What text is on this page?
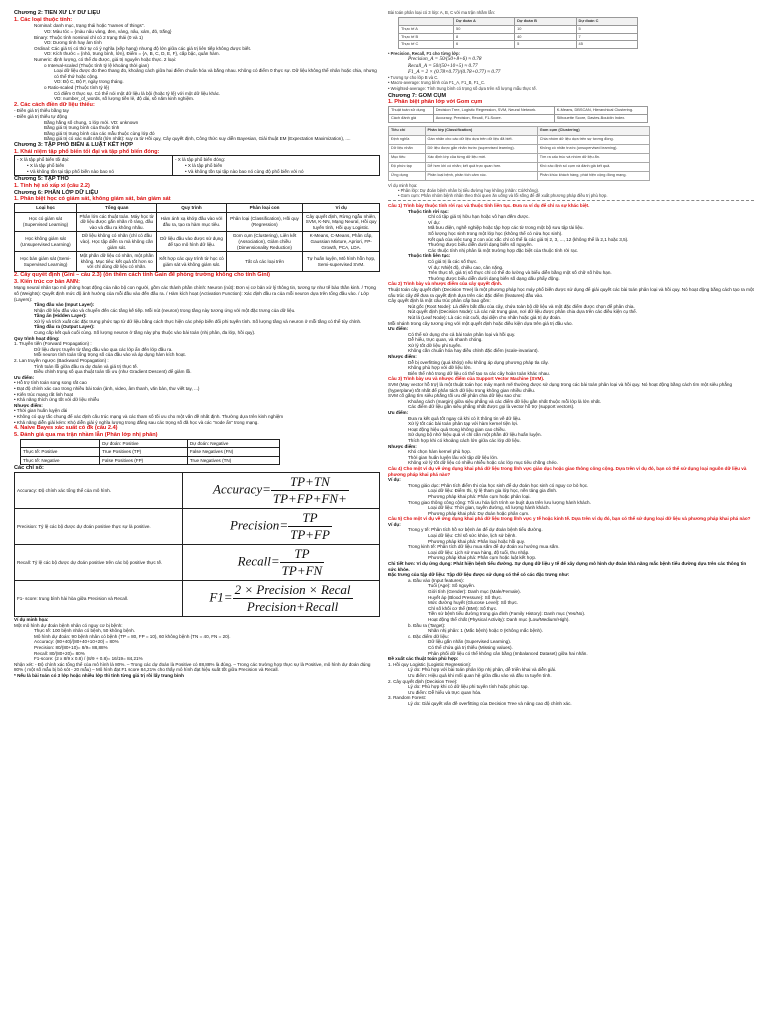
Chương 2: TIỀN XỬ LÝ DỮ LIỆU
1. Các loại thuộc tính:
Nominal: danh mục, trạng thái hoặc "names of things".
VD: Màu tóc = {màu nâu vàng, đen, vàng, nâu, xám, đỏ, trắng}
Binary: Thuộc tính nominal chỉ có 2 trạng thái (0 và 1)
VD: Dương tính hay âm tính
Ordinal: Các giá trị có thứ tự có ý nghĩa (xếp hạng) nhưng độ lớn giữa các giá trị liên tiếp không được biết.
VD: Kích thước = {nhỏ, trung bình, lớn}, Điểm = {A, B, C, D, E, F}, cấp bậc, quân hàm.
Numeric: định lượng, có thể đo được, giá trị nguyên hoặc thực. 2 loại:
o Interval-scaled (Thuộc tính tỷ lệ khoảng thời gian)
Loại dữ liệu được đo theo thang đo, khoảng cách giữa hai điểm chuẩn hóa và bằng nhau. Không có điểm 0 thực sự. Dữ liệu không thể nhân hoặc chia, nhưng có thể thứ hoặc cộng.
VD: Độ C, Độ F, ngày trong tháng.
o Ratio-scaled (Thuộc tính tỷ lệ)
Có điểm 0 thực sự. Có thể nói một dữ liệu là bội (hoặc tỷ lệ) với một dữ liệu khác.
VD: number_of_words, số lượng tiền lẻ, độ dài, số năm kinh nghiệm.
2. Các cách điền dữ liệu thiếu:
- Điền giá trị thiếu bằng tay
- Điền giá trị thiếu tự động
Bằng hằng số chung, 1 lớp mới. VD: unknown
Bằng giá trị trung bình của thuộc tính
Bằng giá trị trung bình của các mẫu thuộc cùng lớp đó
Bằng giá trị có xác suất nhất (lớn nhất): suy ra từ Hồi quy, Cây quyết định, Công thức suy diễn Bayesian, Giải thuật EM (Expectation Maximization), ....
Chương 3: TẬP PHỔ BIẾN & LUẬT KẾT HỢP
1. Khái niệm tập phổ biến tối đại và tập phổ biến đóng:
- X là tập phổ biến tối đại:
• X là tập phổ biến
• Và không tồn tại tập phổ biến nào bao nó

- X là tập phổ biến đóng:
• X là tập phổ biến
• Và không tồn tại tập nào bao nó cùng độ phổ biến với nó
Chương 5: TẬP THÔ
1. Tính hệ số xấp xỉ (câu 2.2)
Chương 6: PHÂN LỚP DỮ LIỆU
1. Phân biệt học có giám sát, không giám sát, bán giám sát
Loại học	Tổng quan	Quy trình	Phân loại con	Ví dụ
Học có giám sát (Supervised Learning)	Phân lớn các thuật toán. Máy học từ dữ liệu được gắn nhãn rõ ràng, đầu vào và đầu ra không nhãu.	Hàm ánh xạ khớp đầu vào với đầu ra, tạo ra hàm mục tiêu.	Phân loại (Classification), Hồi quy (Regression)	Cây quyết định, Rừng ngẫu nhiên, SVM, K-NN, Mạng Neural, Hồi quy tuyến tính, Hồi quy Logistic.
Học không giám sát (Unsupervised Learning)	Dữ liệu không có nhãn (chỉ có đầu vào). Học tập diễn ra mà không cần giám sát.	Dữ liệu đầu vào được sử dụng để tạo mô hình dữ liệu.	Gom cụm (Clustering), Liên kết (Association), Giảm chiều (Dimensionality Reduction)	K-Means, C-Means, Phân cấp, Gaussian Mixture, Apriori, FP-Growth, PCA, LDA.
Học bán giám sát (Semi-Supervised Learning)	Một phần dữ liệu có nhãn, một phần không. Mục tiêu: kết quả tốt hơn so với chỉ dùng dữ liệu có nhãn.	Kết hợp các quy trình từ học có giám sát và không giám sát.	Tất cả các loại trên	Tự huấn luyện, Mô hình hỗn hợp, Semi-supervised SVM.
2. Cây quyết định (Gini – câu 2.3) (ôn thêm cách tính Gain để phòng trường không cho tính Gini)
3. Kiến trúc cơ bản ANN:
Mạng neural nhân tạo mô phỏng hoạt động của não bộ con người, gồm các thành phần chính: Neuron (nút): Đơn vị cơ bản xử lý thông tin, tương tự như tế bào thần kinh. / Trọng số (Weights): Quyết định mức độ ảnh hưởng của mỗi đầu vào đến đầu ra. / Hàm kích hoạt (Activation Function): Xác định đầu ra của mỗi neuron dựa trên tổng đầu vào. / Lớp (Layers):
Tầng đầu vào (Input Layer):
Nhận dữ liệu đầu vào và chuyển đến các tầng kế tiếp. Mỗi nút (neuron) trong tầng này tương ứng với một đặc trưng của dữ liệu.
Tầng ẩn (Hidden Layer):
Xử lý và trích xuất các đặc trưng phức tạp từ dữ liệu bằng cách thực hiện các phép biến đổi phi tuyến tính. Số lượng tầng và neuron ở mỗi tầng có thể tùy chỉnh.
Tầng đầu ra (Output Layer):
Cung cấp kết quả cuối cùng. Số lượng neuron ở tầng này phụ thuộc vào bài toán (nhị phân, đa lớp, hồi quy).
Quy trình hoạt động:
1. Truyền tiến (Forward Propagation) :
Dữ liệu được truyền từ tầng đầu vào qua các lớp ẩn đến lớp đầu ra.
Mỗi neuron tính toán tổng trọng số của đầu vào và áp dụng hàm kích hoạt.
2. Lan truyền ngược (Backward Propagation) :
Tính toán lỗi giữa đầu ra dự đoán và giá trị thực tế.
Điều chỉnh trọng số qua thuật toán tối ưu (như Gradient Descent) để giảm lỗi.
Ưu điểm:
• Hỗ trợ tính toán song song rất cao
• Đạt độ chính xác cao trong nhiều bài toán (ảnh, video, âm thanh, văn bản, thư viết tay, ...)
• Kiến trúc mạng rất linh hoạt
• Khả năng thích ứng tốt với dữ liệu nhiễu
Nhược điểm:
• Thời gian huấn luyện dài
• Không có quy tắc chung để xác định cấu trúc mạng và các tham số tối ưu cho một vấn đề nhất định. Thường dựa trên kinh nghiệm
• Khả năng diễn giải kém: Khó diễn giải ý nghĩa lượng trong đằng sau các trọng số đã học và các "node ẩn" trong mạng.
4. Naive Bayes xác suất có đk (câu 2.4)
5. Đánh giá qua ma trận nhầm lẫn (Phân lớp nhị phân)
	Dự đoán: Positive	Dự đoán: Negative
Thực tế: Positive	True Positives (TP)	False Negatives (FN)
Thực tế: Negative	False Positives (FP)	True Negatives (TN)
Các chỉ số:
Accuracy: Độ chính xác tổng thể của mô hình.	Accuracy= $\frac{TP+TN}{TP+FP+FN+}$

Precision: Tỷ lệ các bộ được dự đoán positive thực sự là positive.	Precision= $\frac{TP}{TP+FP}$

Recall: Tỷ lệ các bộ được dự đoán positive trên các bộ positive thực tế.	Recall= $\frac{TP}{TP+FN}$

F1- score: trung bình hài hòa giữa Precision và Recall.	F1= 2 × Precision × Recal
Precision+Recall
Ví dụ minh họa:
Một mô hình dự đoán bệnh nhân có nguy cơ bị bệnh:
Thực tế: 100 bệnh nhân có bệnh, 50 không bệnh.
Mô hình dự đoán: 90 bệnh nhân có bệnh (TP = 80, FP = 10), 60 không bệnh (TN = 40, FN = 20).
Accuracy: (80+40)/(80+40+10+20) = 80%
Precision: 80/(80+10)= 8/9= 88,88%
Recall: 80/(80+20)= 80%
F1-score: (2 x 8/9 x 0.8) / (8/9 + 0.8)= 16/19= 84,21%
Nhận xét: - Độ chính xác tổng thể của mô hình là 80%. – Trong các dự đoán là Positive có 88,88% là đúng. – Trong các trường hợp thực sự là Positive, mô hình dự đoán đúng 80% ( một số mẫu bị bỏ sót - 20 mẫu) – Mô hình đạt F1 score 84,21% cho thấy mô hình đạt hiệu suất tốt giữa Precision và Recall.
* Nếu là bài toán có 3 lớp hoặc nhiều lớp thì tính từng giá trị rồi lấy trung bình
Bài toán phân loại có 3 lớp: A, B, C với ma trận nhầm lẫn:
	Dự đoán A	Dự đoán B	Dự đoán C
Thực tế A	50	10	5
Thực tế B	8	40	7
Thực tế C	6	5	45
• Precision, Recall, F1 cho từng lớp:
Precision_A = 50/(50+8+6) ≈ 0.78
Recall_A = 50/(50+10+5) ≈ 0.77
F1_A = 2 × (0.78×0.77)/(0.78+0.77) ≈ 0.77
• Tương tự cho lớp B và C.
• Macro-average: trung bình của F1_A, F1_B, F1_C.
• Weighted-average: Tính trung bình có trọng số dựa trên số lượng mẫu thực tế.
Chương 7: GOM CỤM
1. Phân biệt phân lớp với Gom cụm
Thuật toán sử dụng	Decision Tree, Logistic Regression, SVM, Neural Network.	K-Means, DBSCAN, Hierarchical Clustering.
Cách đánh giá	Accuracy, Precision, Recall, F1-Score.	Silhouette Score, Davies-Bouldin Index.
Tiêu chí	Phân lớp (Classification)	Gom cụm (Clustering)
Định nghĩa	Gán nhãn cho các dữ liệu dựa trên dữ liệu đã biết.	Chia nhóm dữ liệu dựa trên sự tương đồng.
Dữ liệu nhãn	Dữ liệu được gắn nhãn trước (supervised learning).	Không có nhãn trước (unsupervised learning).
Mục tiêu	Xác định lớp của từng dữ liệu mới.	Tìm ra cấu trúc và nhóm dữ liệu ẩn.
Độ phức tạp	Dễ hơn khi có nhãn; kết quả trực quan hơn.	Khó xác định số cụm và đánh giá kết quả.
Ứng dụng	Phân loại bệnh, phân tích cảm xúc.	Phân khúc khách hàng, phát hiện cộng đồng mạng.
Ví dụ minh họa:
• Phân lớp: Dự đoán bệnh nhân bị tiểu đường hay không (nhãn: Có/Không).
• Gom cụm: Phân nhóm bệnh nhân theo thói quen ăn uống và lối sống để đề xuất phương pháp điều trị phù hợp.
Câu 1) Trình bày thuộc tính rời rạc và thuộc tính liên tục. Đưa ra ví dụ để chỉ ra sự khác biệt.
Thuộc tính rời rạc:
Chỉ có tập giá trị hữu hạn hoặc vô hạn đếm được.
Ví dụ:
Mã bưu điện, nghề nghiệp hoặc tập hợp các từ trong một bộ sưu tập tài liệu.
Số lượng học sinh trong một lớp học (không thể có nửa học sinh).
Kết quả của việc tung 2 con xúc xắc chỉ có thể là các giá trị 2, 3, ..., 12 (không thể là 2,1 hoặc 3,5).
Thường được biểu diễn dưới dạng biến số nguyên.
Các thuộc tính nhị phân là một trường hợp đặc biệt của thuộc tính rời rạc.
Thuộc tính liên tục:
Có giá trị là các số thực.
Ví dụ: Nhiệt độ, chiều cao, cân nặng.
Trên thực tế, giá trị số thực chỉ có thể đo lường và biểu diễn bằng một số chữ số hữu hạn.
Thường được biểu diễn dưới dạng biến số dạng dấu phẩy động.
Câu 2) Trình bày và nhược điểm của cây quyết định.
Thuật toán cây quyết định (Decision Tree) là một phương pháp học máy phổ biến được sử dụng để giải quyết các bài toán phân loại và hồi quy. Nó hoạt động bằng cách tạo ra một cấu trúc cây để đưa ra quyết định dựa trên các đặc điểm (features) đầu vào.
Cây quyết định là một cấu trúc phân cấp bao gồm:
Nút gốc (Root Node): Là điểm bắt đầu của cây, chứa toàn bộ dữ liệu và một đặc điểm được chọn để phân chia.
Nút quyết định (Decision Node): Là các nút trung gian, nơi dữ liệu được phân chia dựa trên các điều kiện cụ thể.
Nút lá (Leaf Node): Là các nút cuối, đại diện cho nhãn hoặc giá trị dự đoán.
Mỗi nhánh trong cây tương ứng với một quyết định hoặc điều kiện dựa trên giá trị đầu vào.
Ưu điểm:
Có thể sử dụng cho cả bài toán phân loại và hồi quy.
Dễ hiểu, trực quan, và nhanh chóng.
Xử lý tốt dữ liệu phi tuyến.
Không cần chuẩn hóa hay điều chỉnh đặc điểm (scale-invariant).
Nhược điểm:
Dễ bị overfitting (quá khớp) nếu không áp dụng phương pháp tỉa cây.
Không phù hợp với dữ liệu lớn.
Biên thể nhỏ trong dữ liệu có thể tạo ra các cây hoàn toàn khác nhau.
Câu 3) Trình bày ưu và nhược điểm của Support Vector Machine (SVM).
SVM (May vector hỗ trợ) là một thuật toán học máy mạnh mẽ thường được sử dụng trong các bài toán phân loại và hồi quy. Nó hoạt động bằng cách tìm một siêu phẳng (hyperplane) tốt nhất để phân tách dữ liệu trong không gian nhiều chiều.
SVM cố gắng tìm siêu phẳng tối ưu để phân chia dữ liệu sao cho:
Khoảng cách (margin) giữa siêu phẳng và các điểm dữ liệu gần nhất thuộc mỗi lớp là lớn nhất.
Các điểm dữ liệu gần siêu phẳng nhất được gọi là vector hỗ trợ (support vectors).
Ưu điểm:
Đưa ra kết quả tốt ngay cả khi có ít thông tin về dữ liệu.
Xử lý tốt các bài toán phân tạp với hàm kernel tiện lợi.
Hoạt động hiệu quả trong không gian cao chiều.
Sử dụng bộ nhớ hiệu quả vì chỉ cần một phần dữ liệu huấn luyện.
Thích hợp khi có khoảng cách lớn giữa các lớp dữ liệu.
Nhược điểm:
Khó chọn hàm kernel phù hợp.
Thời gian huấn luyện lâu với tập dữ liệu lớn.
Không xử lý tốt dữ liệu có nhiều nhiễu hoặc các lớp mục tiêu chồng chéo.
Câu 4) Cho một ví dụ về ứng dụng khai phá dữ liệu trong lĩnh vực giáo dục hoặc giao thông công cộng. Dựa trên ví dụ đó, bạn có thể sử dụng loại nguồn dữ liệu và phương pháp khai phá nào?
Ví dụ:
Trong giáo dục: Phân tích điểm thi của học sinh để dự đoán học sinh có nguy cơ bỏ học.
Loại dữ liệu: Điểm thi, tỷ lệ tham gia lớp học, nền tảng gia đình.
Phương pháp khai phá: Phân cụm hoặc phân loại.
Trong giao thông công cộng: Tối ưu hóa lịch trình xe buýt dựa trên lưu lượng hành khách.
Loại dữ liệu: Thời gian, tuyến đường, số lượng hành khách.
Phương pháp khai phá: Dự đoán hoặc phân cụm.
Câu 5) Cho một ví dụ về ứng dụng khai phá dữ liệu trong lĩnh vực y tế hoặc kinh tế. Dựa trên ví dụ đó, bạn có thể sử dụng loại dữ liệu và phương pháp khai phá nào?
Ví dụ:
Trong y tế: Phân tích hồ sơ bệnh án để dự đoán bệnh tiểu đường.
Loại dữ liệu: Chỉ số sức khỏe, lịch sử bệnh.
Phương pháp khai phá: Phân loại hoặc hồi quy.
Trong kinh tế: Phân tích dữ liệu mua sắm để dự đoán xu hướng mua sắm.
Loại dữ liệu: Lịch sử mua hàng, độ tuổi, thu nhập.
Phương pháp khai phá: Phân cụm hoặc luật kết hợp.
Chi tiết hơn: Ví dụ ứng dụng: Phát hiện bệnh tiểu đường. Sự dụng dữ liệu y tế để xây dựng mô hình dự đoán khả năng mắc bệnh tiểu đường dựa trên các thông tin sức khỏe.
Đặc trưng của tập dữ liệu: Tập dữ liệu được sử dụng có thể có các đặc trưng như:
a. Đầu vào (Input features):
Tuổi (Age): Số nguyên.
Giới tính (Gender): Danh mục (Male/Female).
Huyết áp (Blood Pressure): Số thực.
Mức đường huyết (Glucose Level): Số thực.
Chỉ số khối cơ thể (BMI): Số thực.
Tiền sử bệnh tiểu đường trong gia đình (Family History): Danh mục (Yes/No).
Hoạt động thể chất (Physical Activity): Danh mục (Low/Medium/High).
b. Đầu ra (Target):
Nhãn nhị phân: 1 (Mắc bệnh) hoặc 0 (Không mắc bệnh).
c. Đặc điểm dữ liệu:
Dữ liệu gắn nhãn (Supervised Learning).
Có thể chứa giá trị thiếu (Missing values).
Phân phối dữ liệu có thể không cân bằng (Imbalanced Dataset) giữa hai nhãn.
Đề xuất các thuật toán phù hợp:
1. Hồi quy Logistic (Logistic Regression):
Lý do: Phù hợp với bài toán phân lớp nhị phân, dễ triển khai và diễn giải.
Ưu điểm: Hiệu quả khi mối quan hệ giữa đầu vào và đầu ra tuyến tính.
2. Cây quyết định (Decision Tree):
Lý do: Phù hợp khi có dữ liệu phi tuyến tính hoặc phức tạp.
Ưu điểm: Dễ hiểu và trực quan hóa.
3. Random Forest:
Lý do: Giải quyết vấn đề overfitting của Decision Tree và nâng cao độ chính xác.
